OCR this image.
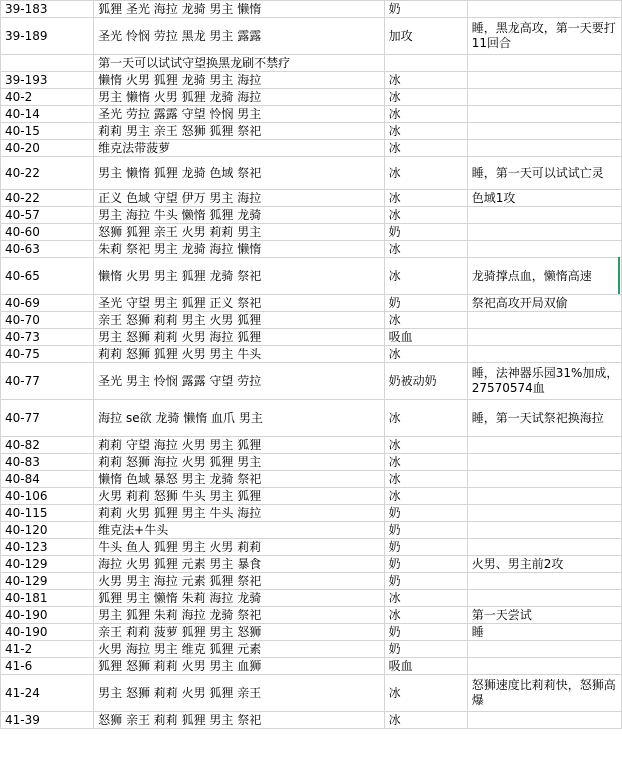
39-183	狐狸 圣光 海拉 龙骑 男主 懒惰	奶	
39-189	圣光 怜悯 劳拉 黑龙 男主 露露	加攻	睡，黑龙高攻，第一天要打11回合
	第一天可以试试守望换黑龙刷不禁疗		
39-193	懒惰 火男 狐狸 龙骑 男主 海拉	冰	
40-2	男主 懒惰 火男 狐狸 龙骑 海拉	冰	
40-14	圣光 劳拉 露露 守望 怜悯 男主	冰	
40-15	莉莉 男主 亲王 怒狮 狐狸 祭祀	冰	
40-20	维克法带菠萝	冰	
40-22	男主 懒惰 狐狸 龙骑 色域 祭祀	冰	睡，第一天可以试试亡灵
40-22	正义 色域 守望 伊万 男主 海拉	冰	色域1攻
40-57	男主 海拉 牛头 懒惰 狐狸 龙骑	冰	
40-60	怒狮 狐狸 亲王 火男 莉莉 男主	奶	
40-63	朱莉 祭祀 男主 龙骑 海拉 懒惰	冰	
40-65	懒惰 火男 男主 狐狸 龙骑 祭祀	冰	龙骑撑点血，懒惰高速
40-69	圣光 守望 男主 狐狸 正义 祭祀	奶	祭祀高攻开局双偷
40-70	亲王 怒狮 莉莉 男主 火男 狐狸	冰	
40-73	男主 怒狮 莉莉 火男 海拉 狐狸	吸血	
40-75	莉莉 怒狮 狐狸 火男 男主 牛头	冰	
40-77	圣光 男主 怜悯 露露 守望 劳拉	奶被动奶	睡，法神器乐园31%加成，27570574血
40-77	海拉 se欲 龙骑 懒惰 血爪 男主	冰	睡，第一天试祭祀换海拉
40-82	莉莉 守望 海拉 火男 男主 狐狸	冰	
40-83	莉莉 怒狮 海拉 火男 狐狸 男主	冰	
40-84	懒惰 色域 暴怒 男主 龙骑 祭祀	冰	
40-106	火男 莉莉 怒狮 牛头 男主 狐狸	冰	
40-115	莉莉 火男 狐狸 男主 牛头 海拉	奶	
40-120	维克法+牛头	奶	
40-123	牛头 鱼人 狐狸 男主 火男 莉莉	奶	
40-129	海拉 火男 狐狸 元素 男主 暴食	奶	火男、男主前2攻
40-129	火男 男主 海拉 元素 狐狸 祭祀	奶	
40-181	狐狸 男主 懒惰 朱莉 海拉 龙骑	冰	
40-190	男主 狐狸 朱莉 海拉 龙骑 祭祀	冰	第一天尝试
40-190	亲王 莉莉 菠萝 狐狸 男主 怒狮	奶	睡
41-2	火男 海拉 男主 维克 狐狸 元素	奶	
41-6	狐狸 怒狮 莉莉 火男 男主 血狮	吸血	
41-24	男主 怒狮 莉莉 火男 狐狸 亲王	冰	怒狮速度比莉莉快，怒狮高爆
41-39	怒狮 亲王 莉莉 狐狸 男主 祭祀	冰	
